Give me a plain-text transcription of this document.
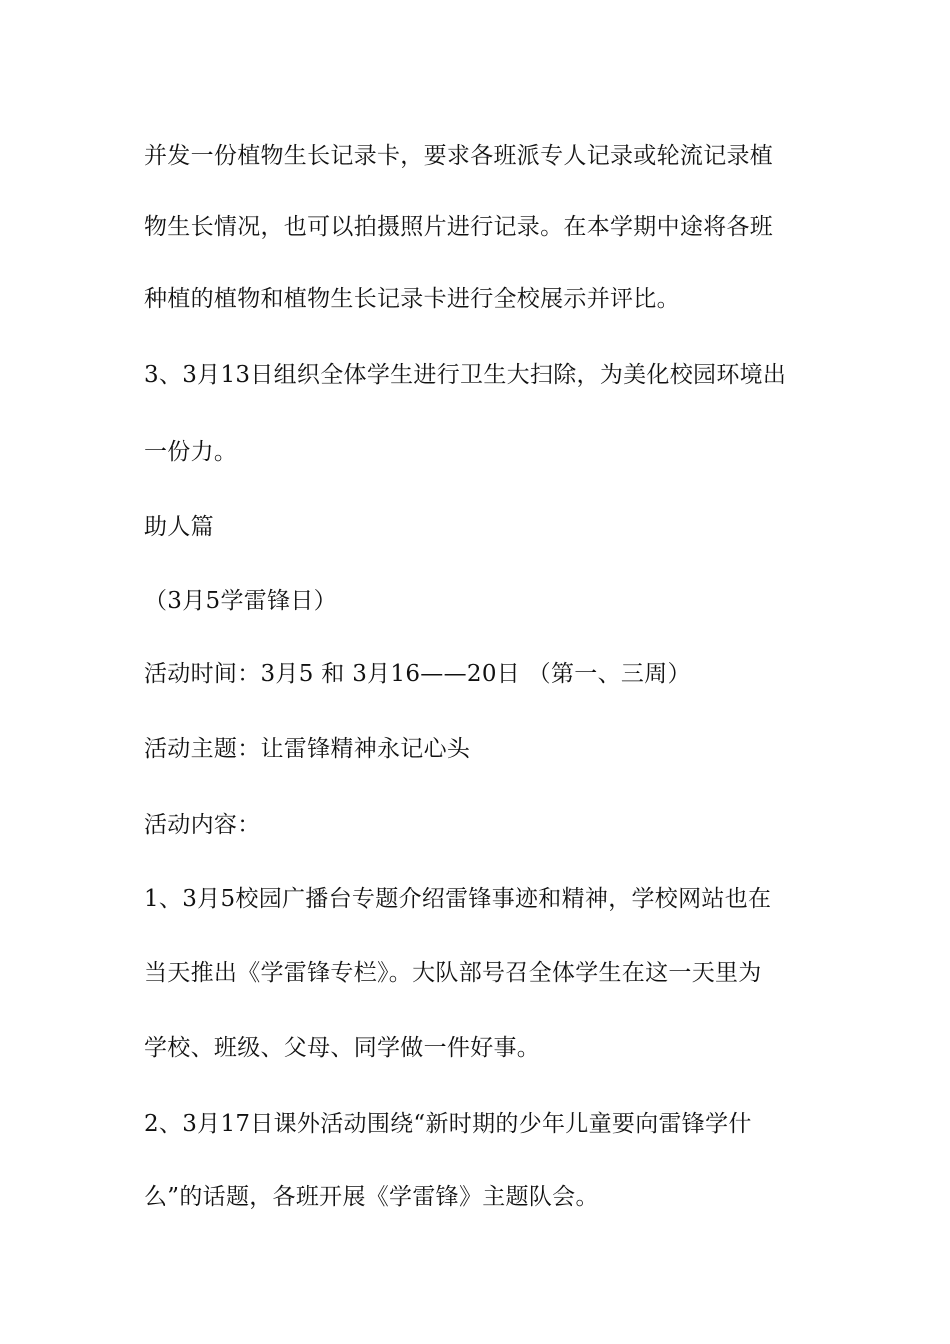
并发一份植物生长记录卡，要求各班派专人记录或轮流记录植
物生长情况，也可以拍摄照片进行记录。在本学期中途将各班
种植的植物和植物生长记录卡进行全校展示并评比。
3、3月13日组织全体学生进行卫生大扫除，为美化校园环境出
一份力。
助人篇
（3月5学雷锋日）
活动时间：3月5 和 3月16——20日 （第一、三周）
活动主题：让雷锋精神永记心头
活动内容：
1、3月5校园广播台专题介绍雷锋事迹和精神，学校网站也在
当天推出《学雷锋专栏》。大队部号召全体学生在这一天里为
学校、班级、父母、同学做一件好事。
2、3月17日课外活动围绕“新时期的少年儿童要向雷锋学什
么”的话题，各班开展《学雷锋》主题队会。
